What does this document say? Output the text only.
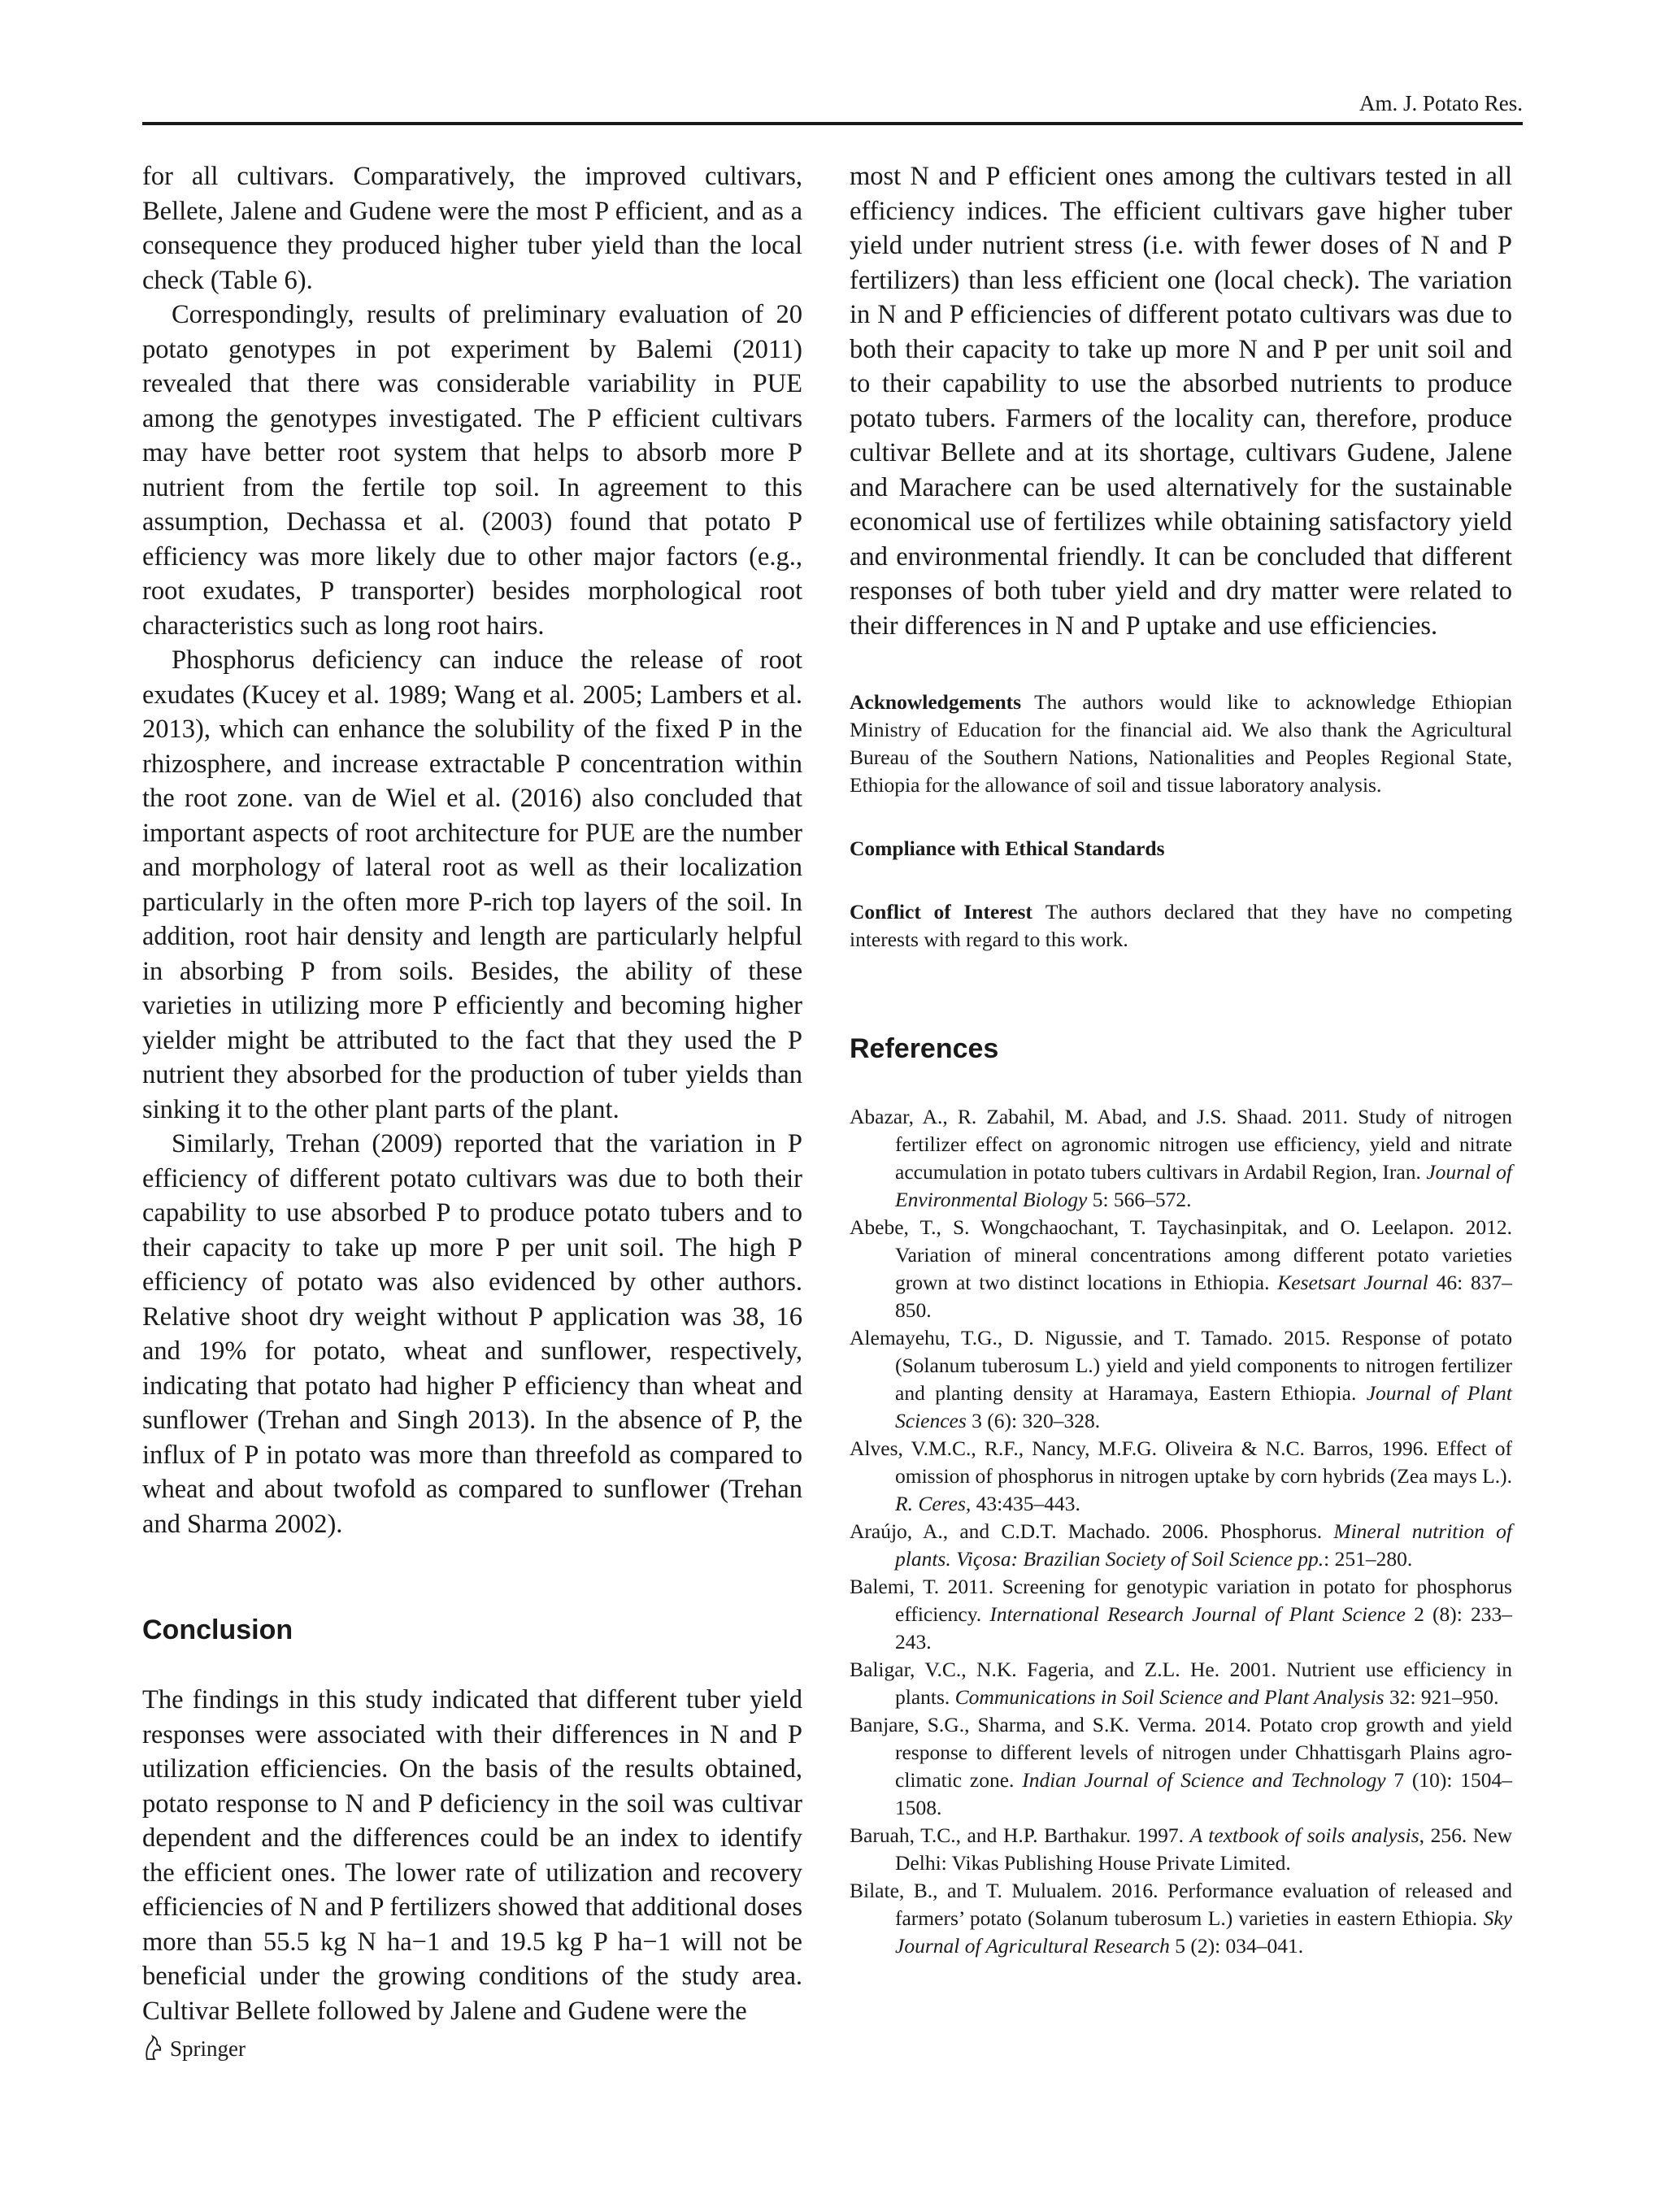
Am. J. Potato Res.

for all cultivars. Comparatively, the improved cultivars, Bellete, Jalene and Gudene were the most P efficient, and as a consequence they produced higher tuber yield than the local check (Table 6).

Correspondingly, results of preliminary evaluation of 20 potato genotypes in pot experiment by Balemi (2011) revealed that there was considerable variability in PUE among the genotypes investigated. The P efficient cultivars may have better root system that helps to absorb more P nutrient from the fertile top soil. In agreement to this assumption, Dechassa et al. (2003) found that potato P efficiency was more likely due to other major factors (e.g., root exudates, P transporter) besides morphological root characteristics such as long root hairs.

Phosphorus deficiency can induce the release of root exudates (Kucey et al. 1989; Wang et al. 2005; Lambers et al. 2013), which can enhance the solubility of the fixed P in the rhizosphere, and increase extractable P concentration within the root zone. van de Wiel et al. (2016) also concluded that important aspects of root architecture for PUE are the number and morphology of lateral root as well as their localization particularly in the often more P-rich top layers of the soil. In addition, root hair density and length are particularly helpful in absorbing P from soils. Besides, the ability of these varieties in utilizing more P efficiently and becoming higher yielder might be attributed to the fact that they used the P nutrient they absorbed for the production of tuber yields than sinking it to the other plant parts of the plant.

Similarly, Trehan (2009) reported that the variation in P efficiency of different potato cultivars was due to both their capability to use absorbed P to produce potato tubers and to their capacity to take up more P per unit soil. The high P efficiency of potato was also evidenced by other authors. Relative shoot dry weight without P application was 38, 16 and 19% for potato, wheat and sunflower, respectively, indicating that potato had higher P efficiency than wheat and sunflower (Trehan and Singh 2013). In the absence of P, the influx of P in potato was more than threefold as compared to wheat and about twofold as compared to sunflower (Trehan and Sharma 2002).

Conclusion

The findings in this study indicated that different tuber yield responses were associated with their differences in N and P utilization efficiencies. On the basis of the results obtained, potato response to N and P deficiency in the soil was cultivar dependent and the differences could be an index to identify the efficient ones. The lower rate of utilization and recovery efficiencies of N and P fertilizers showed that additional doses more than 55.5 kg N ha−1 and 19.5 kg P ha−1 will not be beneficial under the growing conditions of the study area. Cultivar Bellete followed by Jalene and Gudene were the

most N and P efficient ones among the cultivars tested in all efficiency indices. The efficient cultivars gave higher tuber yield under nutrient stress (i.e. with fewer doses of N and P fertilizers) than less efficient one (local check). The variation in N and P efficiencies of different potato cultivars was due to both their capacity to take up more N and P per unit soil and to their capability to use the absorbed nutrients to produce potato tubers. Farmers of the locality can, therefore, produce cultivar Bellete and at its shortage, cultivars Gudene, Jalene and Marachere can be used alternatively for the sustainable economical use of fertilizes while obtaining satisfactory yield and environmental friendly. It can be concluded that different responses of both tuber yield and dry matter were related to their differences in N and P uptake and use efficiencies.

Acknowledgements The authors would like to acknowledge Ethiopian Ministry of Education for the financial aid. We also thank the Agricultural Bureau of the Southern Nations, Nationalities and Peoples Regional State, Ethiopia for the allowance of soil and tissue laboratory analysis.
Compliance with Ethical Standards
Conflict of Interest The authors declared that they have no competing interests with regard to this work.
References
Abazar, A., R. Zabahil, M. Abad, and J.S. Shaad. 2011. Study of nitrogen fertilizer effect on agronomic nitrogen use efficiency, yield and nitrate accumulation in potato tubers cultivars in Ardabil Region, Iran. Journal of Environmental Biology 5: 566–572.
Abebe, T., S. Wongchaochant, T. Taychasinpitak, and O. Leelapon. 2012. Variation of mineral concentrations among different potato varieties grown at two distinct locations in Ethiopia. Kesetsart Journal 46: 837–850.
Alemayehu, T.G., D. Nigussie, and T. Tamado. 2015. Response of potato (Solanum tuberosum L.) yield and yield components to nitrogen fertilizer and planting density at Haramaya, Eastern Ethiopia. Journal of Plant Sciences 3 (6): 320–328.
Alves, V.M.C., R.F., Nancy, M.F.G. Oliveira & N.C. Barros, 1996. Effect of omission of phosphorus in nitrogen uptake by corn hybrids (Zea mays L.). R. Ceres, 43:435–443.
Araújo, A., and C.D.T. Machado. 2006. Phosphorus. Mineral nutrition of plants. Viçosa: Brazilian Society of Soil Science pp.: 251–280.
Balemi, T. 2011. Screening for genotypic variation in potato for phosphorus efficiency. International Research Journal of Plant Science 2 (8): 233–243.
Baligar, V.C., N.K. Fageria, and Z.L. He. 2001. Nutrient use efficiency in plants. Communications in Soil Science and Plant Analysis 32: 921–950.
Banjare, S.G., Sharma, and S.K. Verma. 2014. Potato crop growth and yield response to different levels of nitrogen under Chhattisgarh Plains agro-climatic zone. Indian Journal of Science and Technology 7 (10): 1504–1508.
Baruah, T.C., and H.P. Barthakur. 1997. A textbook of soils analysis, 256. New Delhi: Vikas Publishing House Private Limited.
Bilate, B., and T. Mulualem. 2016. Performance evaluation of released and farmers’ potato (Solanum tuberosum L.) varieties in eastern Ethiopia. Sky Journal of Agricultural Research 5 (2): 034–041.
Springer
